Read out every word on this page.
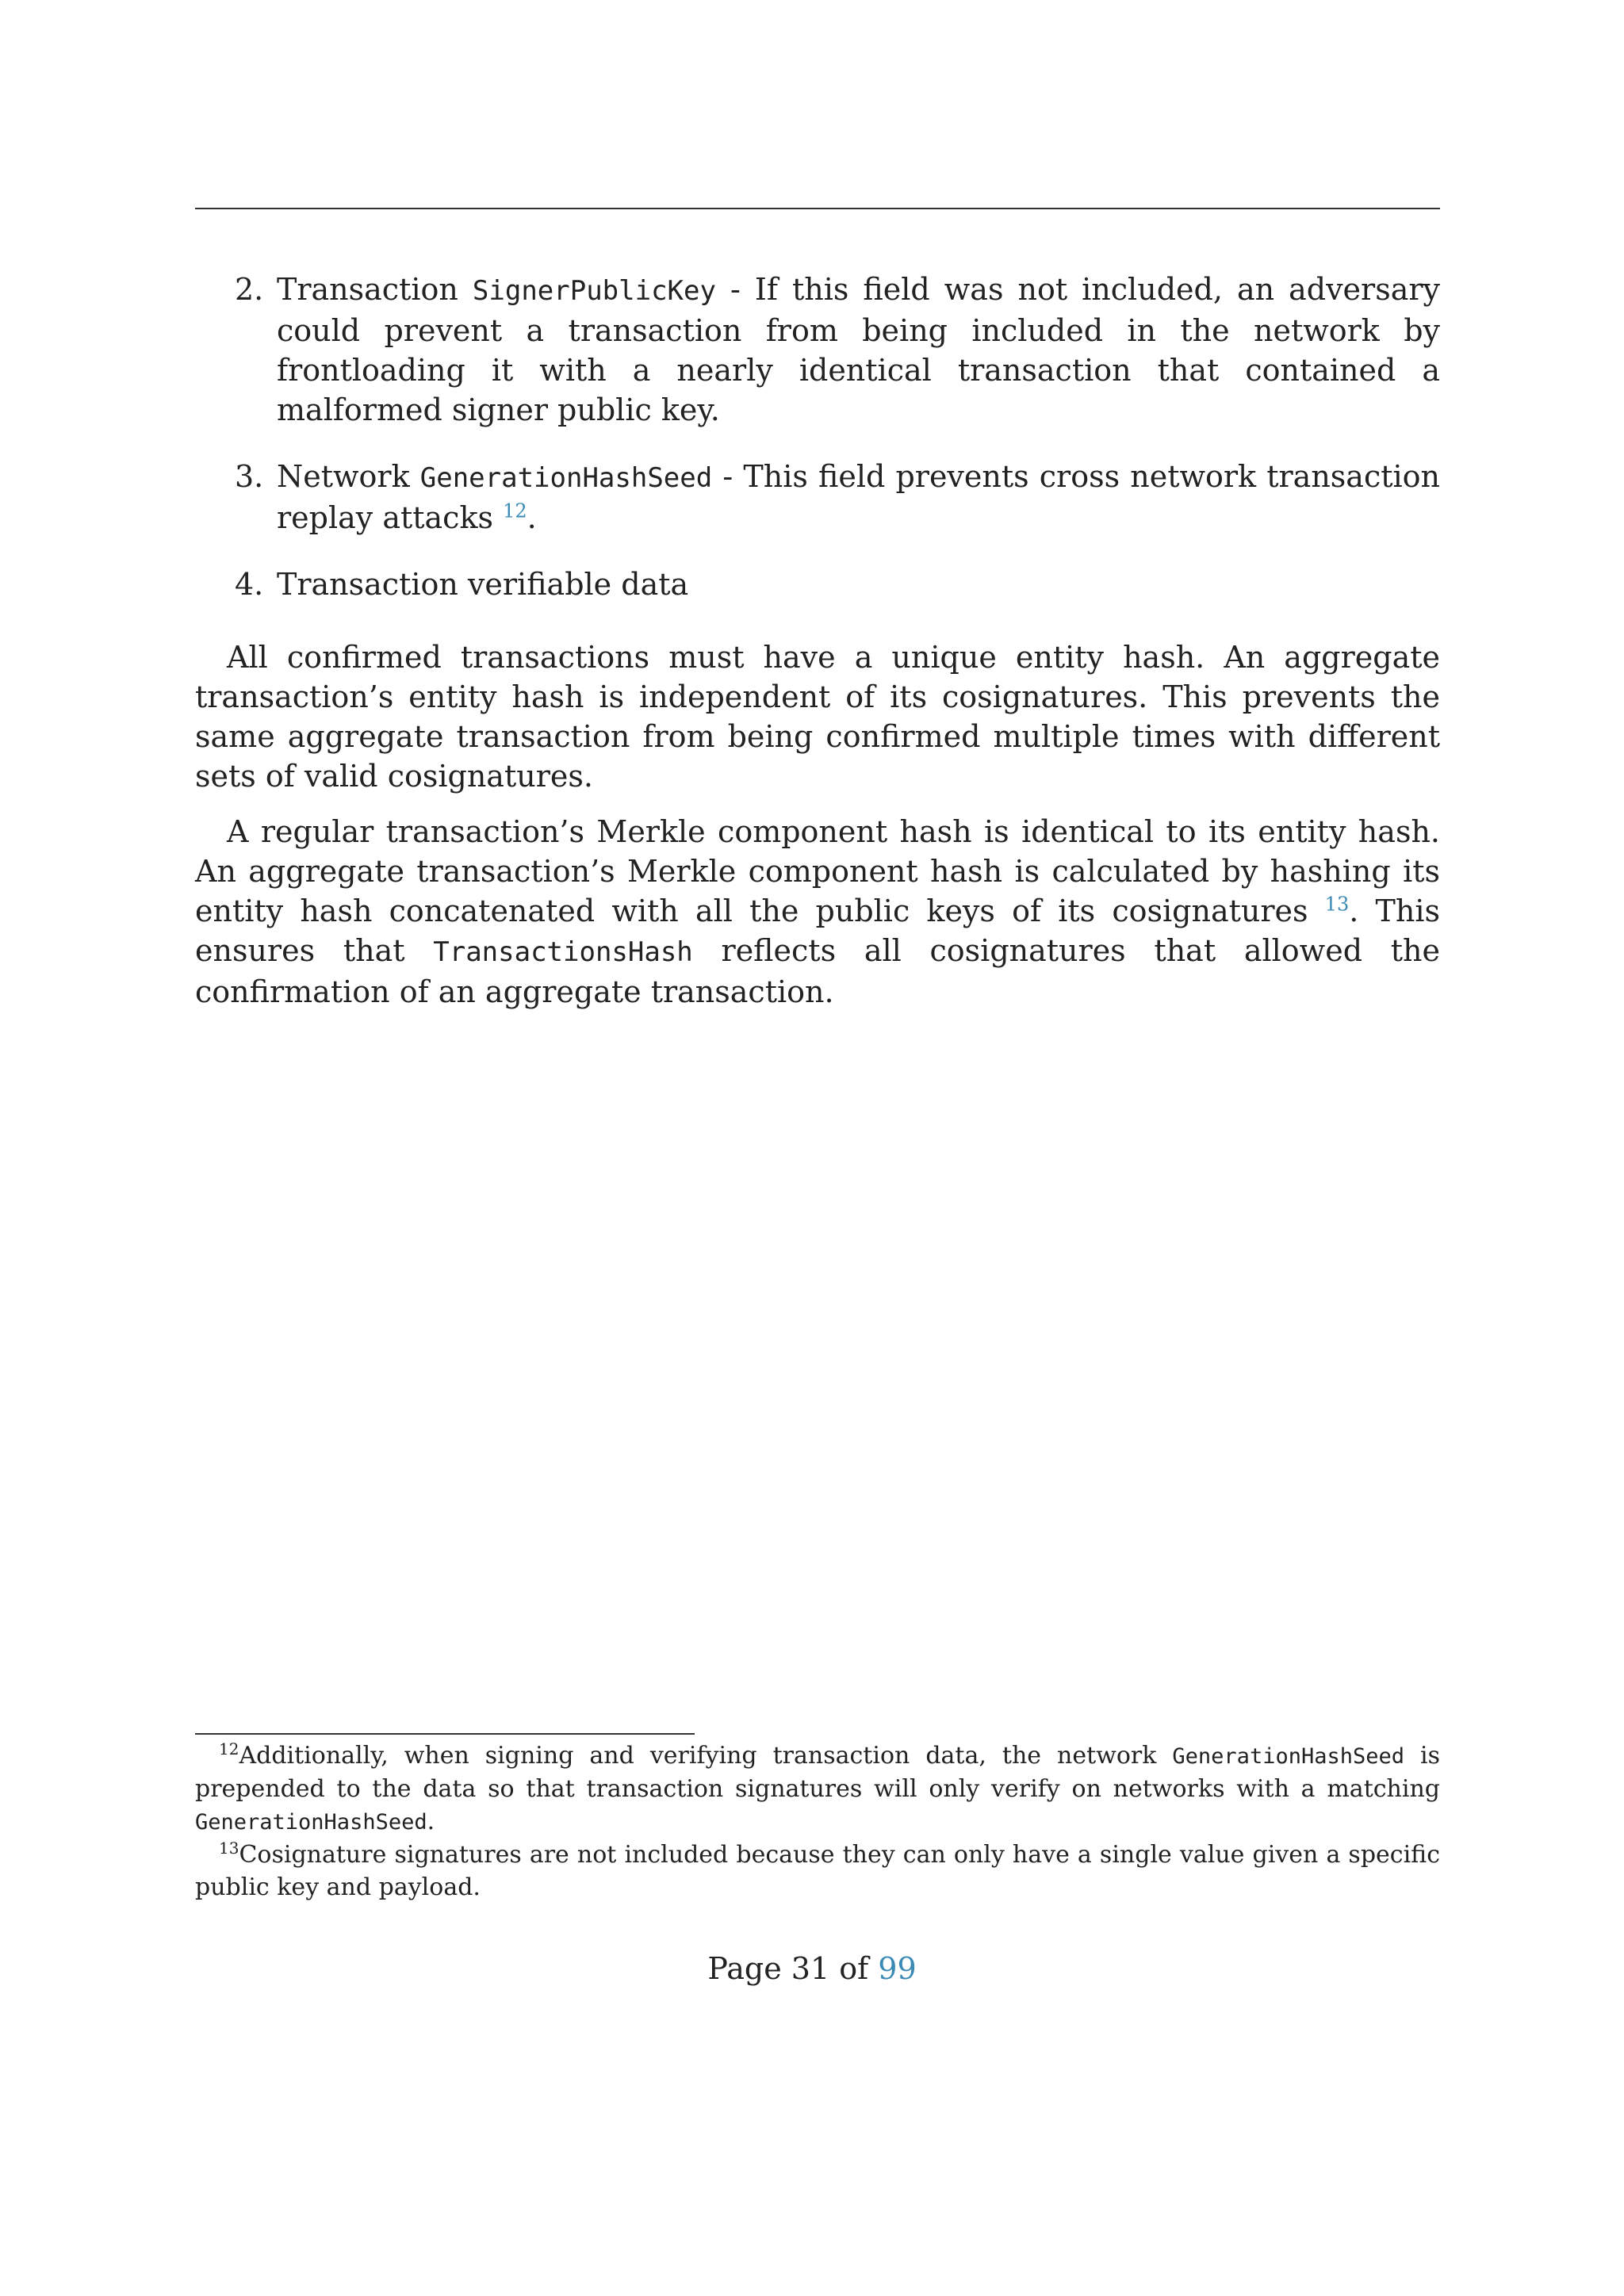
2. Transaction SignerPublicKey - If this field was not included, an adversary could prevent a transaction from being included in the network by frontloading it with a nearly identical transaction that contained a malformed signer public key.
3. Network GenerationHashSeed - This field prevents cross network transaction replay attacks $^{12}$.
4. Transaction verifiable data

All confirmed transactions must have a unique entity hash. An aggregate transaction’s entity hash is independent of its cosignatures. This prevents the same aggregate transaction from being confirmed multiple times with different sets of valid cosignatures.

A regular transaction’s Merkle component hash is identical to its entity hash. An aggregate transaction’s Merkle component hash is calculated by hashing its entity hash concatenated with all the public keys of its cosignatures $^{13}$. This ensures that TransactionsHash reflects all cosignatures that allowed the confirmation of an aggregate transaction.

$^{12}$Additionally, when signing and verifying transaction data, the network GenerationHashSeed is prepended to the data so that transaction signatures will only verify on networks with a matching GenerationHashSeed.

$^{13}$Cosignature signatures are not included because they can only have a single value given a specific public key and payload.

Page 31 of 99
